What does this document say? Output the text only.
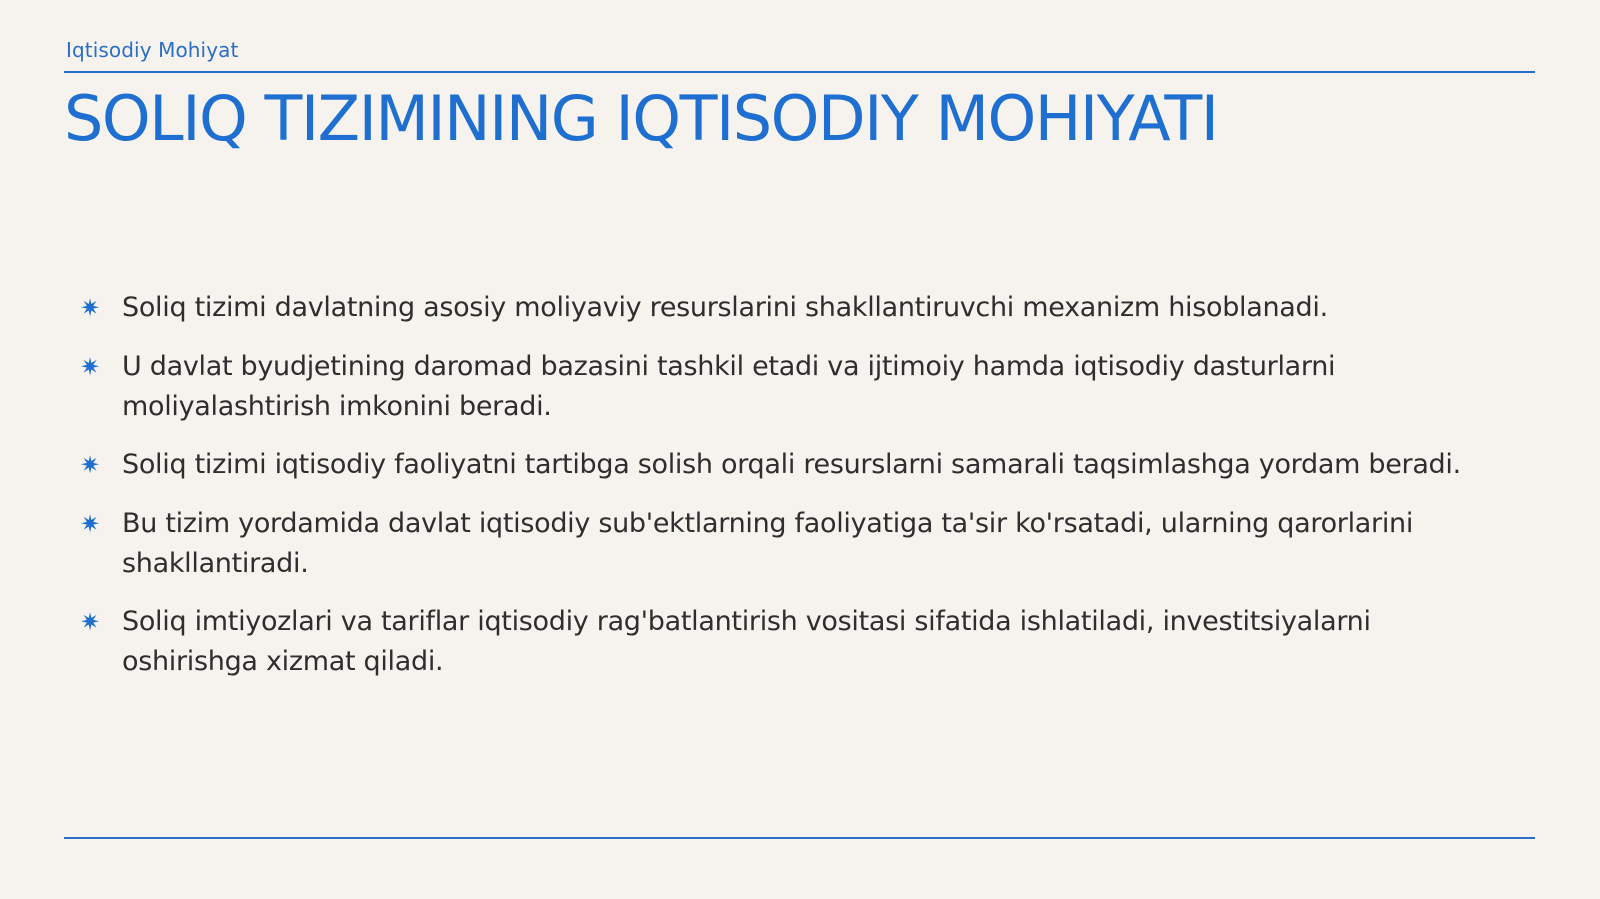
Iqtisodiy Mohiyat
SOLIQ TIZIMINING IQTISODIY MOHIYATI
✷ Soliq tizimi davlatning asosiy moliyaviy resurslarini shakllantiruvchi mexanizm hisoblanadi.
✷ U davlat byudjetining daromad bazasini tashkil etadi va ijtimoiy hamda iqtisodiy dasturlarni moliyalashtirish imkonini beradi.
✷ Soliq tizimi iqtisodiy faoliyatni tartibga solish orqali resurslarni samarali taqsimlashga yordam beradi.
✷ Bu tizim yordamida davlat iqtisodiy sub'ektlarning faoliyatiga ta'sir ko'rsatadi, ularning qarorlarini shakllantiradi.
✷ Soliq imtiyozlari va tariflar iqtisodiy rag'batlantirish vositasi sifatida ishlatiladi, investitsiyalarni oshirishga xizmat qiladi.
